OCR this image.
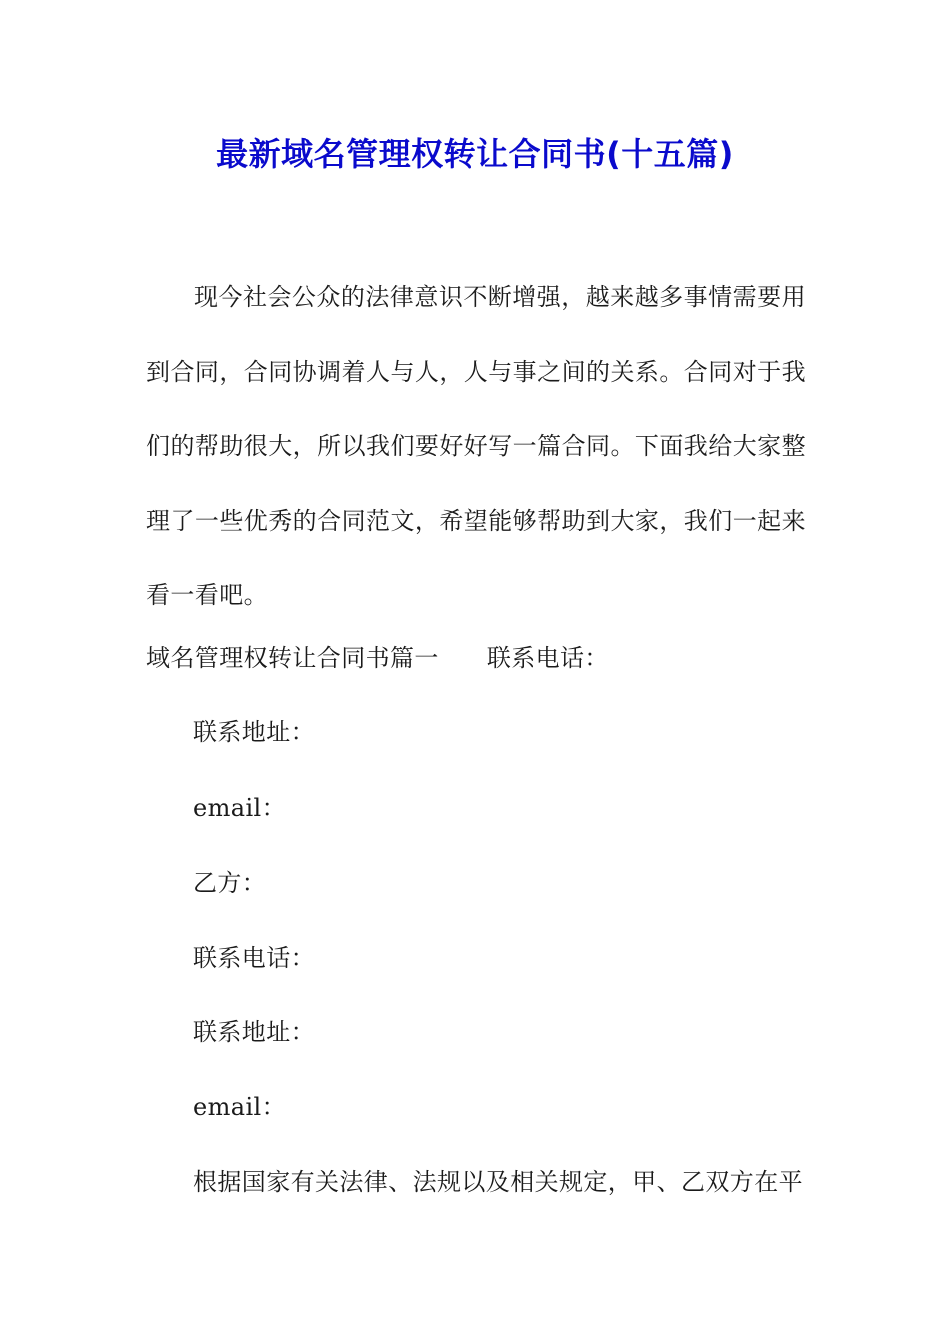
最新域名管理权转让合同书(十五篇)
现今社会公众的法律意识不断增强，越来越多事情需要用到合同，合同协调着人与人，人与事之间的关系。合同对于我们的帮助很大，所以我们要好好写一篇合同。下面我给大家整理了一些优秀的合同范文，希望能够帮助到大家，我们一起来看一看吧。
域名管理权转让合同书篇一 联系电话：
联系地址：
email：
乙方：
联系电话：
联系地址：
email：
根据国家有关法律、法规以及相关规定，甲、乙双方在平
